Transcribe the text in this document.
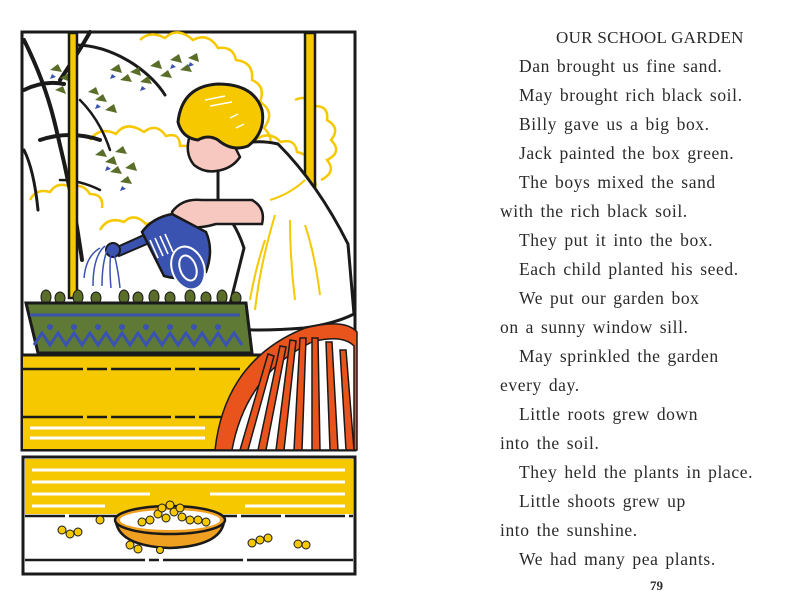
OUR SCHOOL GARDEN
Dan brought us fine sand.
May brought rich black soil.
Billy gave us a big box.
Jack painted the box green.
The boys mixed the sand
with the rich black soil.
They put it into the box.
Each child planted his seed.
We put our garden box
on a sunny window sill.
May sprinkled the garden
every day.
Little roots grew down
into the soil.
They held the plants in place.
Little shoots grew up
into the sunshine.
We had many pea plants.
79
